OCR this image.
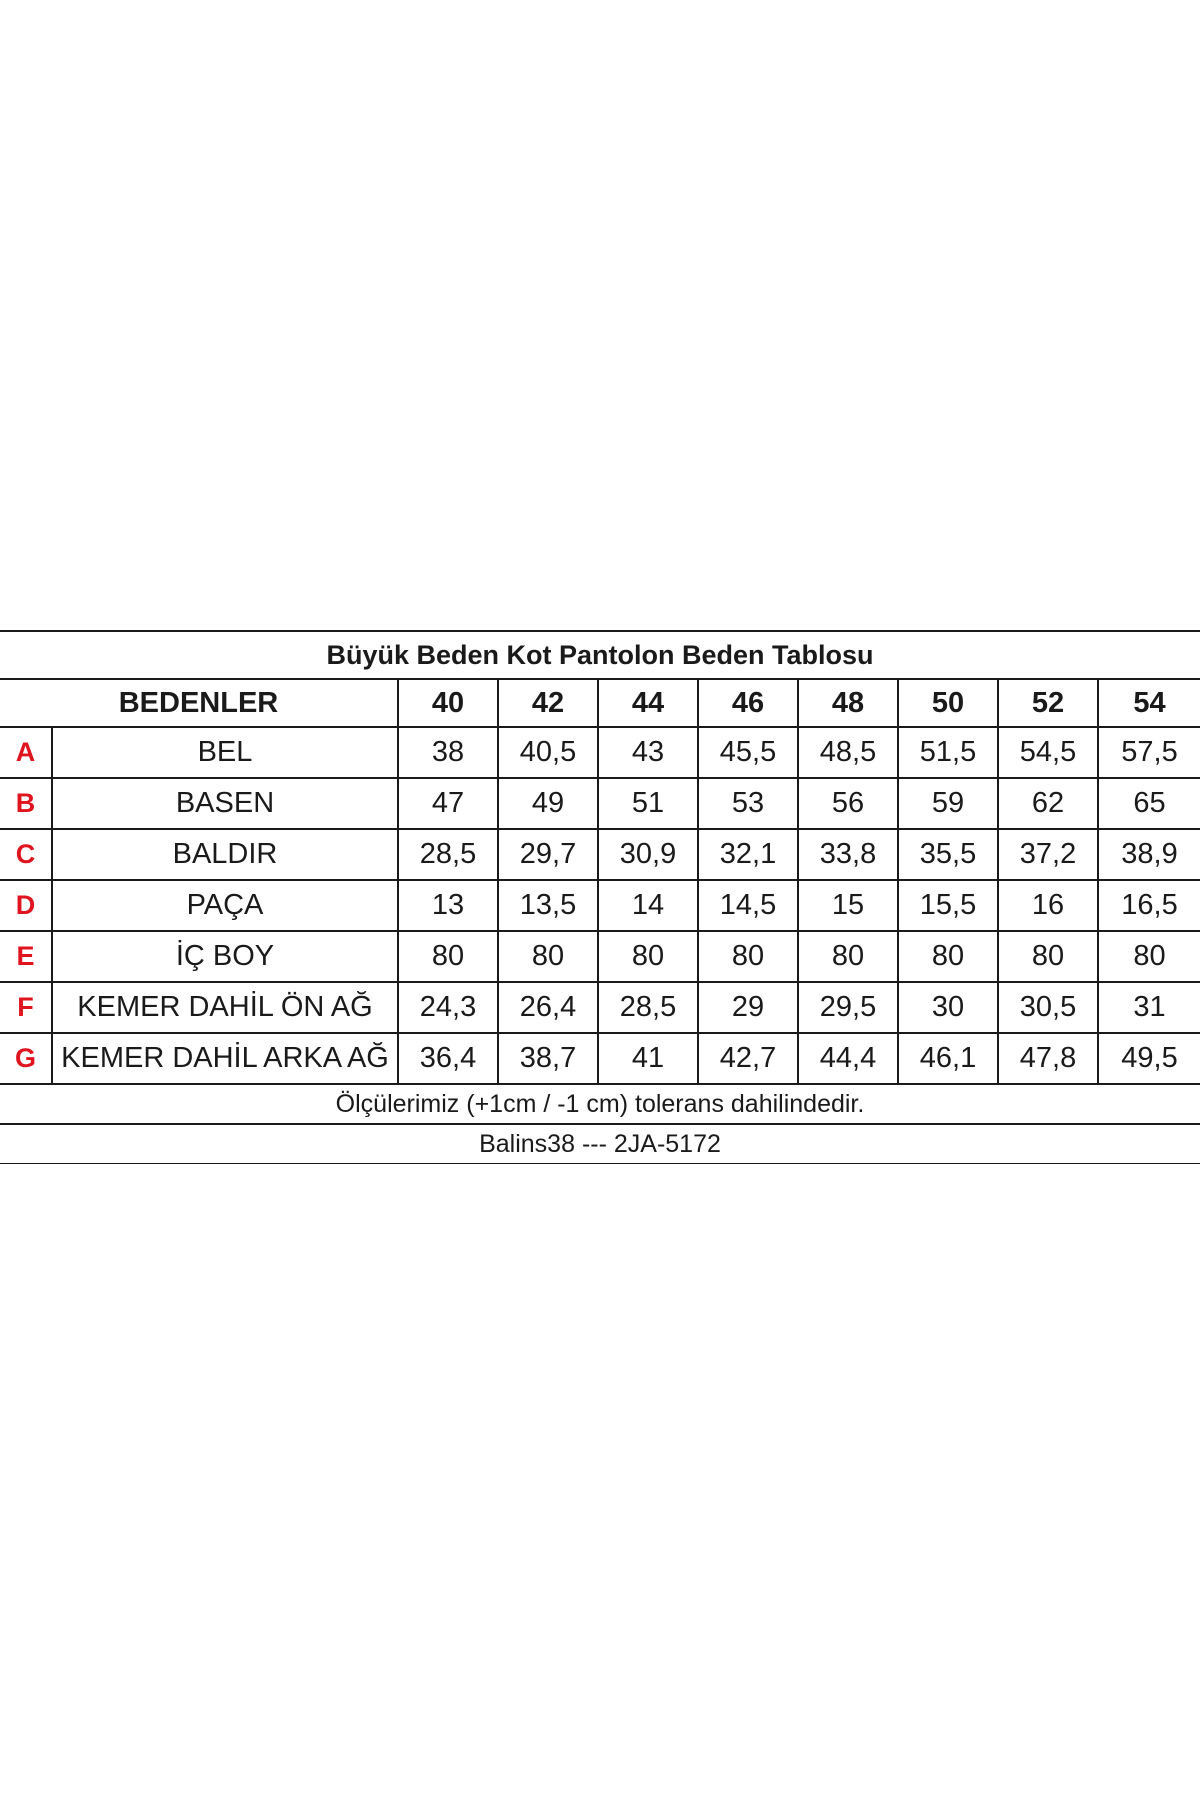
Büyük Beden Kot Pantolon Beden Tablosu									
BEDENLER		40	42	44	46	48	50	52	54
A	BEL	38	40,5	43	45,5	48,5	51,5	54,5	57,5
B	BASEN	47	49	51	53	56	59	62	65
C	BALDIR	28,5	29,7	30,9	32,1	33,8	35,5	37,2	38,9
D	PAÇA	13	13,5	14	14,5	15	15,5	16	16,5
E	İÇ BOY	80	80	80	80	80	80	80	80
F	KEMER DAHİL ÖN AĞ	24,3	26,4	28,5	29	29,5	30	30,5	31
G	KEMER DAHİL ARKA AĞ	36,4	38,7	41	42,7	44,4	46,1	47,8	49,5
Ölçülerimiz (+1cm / -1 cm) tolerans dahilindedir.									
Balins38 --- 2JA-5172									
